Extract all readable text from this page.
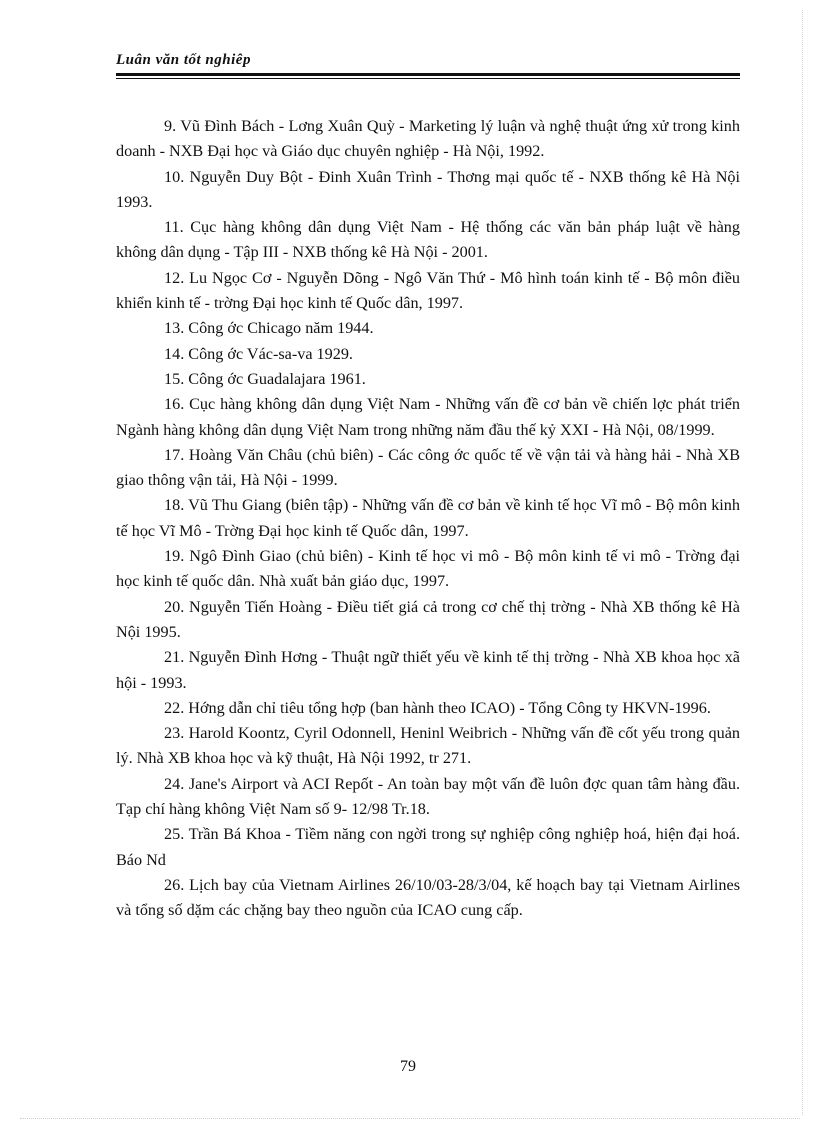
Luân văn tốt nghiêp
9. Vũ Đình Bách - Lơng Xuân Quỳ - Marketing lý luận và nghệ thuật ứng xử trong kinh doanh - NXB Đại học và Giáo dục chuyên nghiệp - Hà Nội, 1992.
10. Nguyễn Duy Bột - Đinh Xuân Trình - Thơng mại quốc tế - NXB thống kê Hà Nội 1993.
11. Cục hàng không dân dụng Việt Nam - Hệ thống các văn bản pháp luật về hàng không dân dụng - Tập III - NXB thống kê Hà Nội - 2001.
12. Lu Ngọc Cơ - Nguyễn Dõng - Ngô Văn Thứ - Mô hình toán kinh tế - Bộ môn điều khiển kinh tế - trờng Đại học kinh tế Quốc dân, 1997.
13. Công ớc Chicago năm 1944.
14. Công ớc Vác-sa-va 1929.
15. Công ớc Guadalajara 1961.
16. Cục hàng không dân dụng Việt Nam - Những vấn đề cơ bản về chiến lợc phát triển Ngành hàng không dân dụng Việt Nam trong những năm đầu thế kỷ XXI - Hà Nội, 08/1999.
17. Hoàng Văn Châu (chủ biên) - Các công ớc quốc tế về vận tải và hàng hải - Nhà XB giao thông vận tải, Hà Nội - 1999.
18. Vũ Thu Giang (biên tập) - Những vấn đề cơ bản về kinh tế học Vĩ mô - Bộ môn kinh tế học Vĩ Mô - Trờng Đại học kinh tế Quốc dân, 1997.
19. Ngô Đình Giao (chủ biên) - Kinh tế học vi mô - Bộ môn kinh tế vi mô - Trờng đại học kinh tế quốc dân. Nhà xuất bản giáo dục, 1997.
20. Nguyễn Tiến Hoàng - Điều tiết giá cả trong cơ chế thị trờng - Nhà XB thống kê Hà Nội 1995.
21. Nguyễn Đình Hơng - Thuật ngữ thiết yếu về kinh tế thị trờng - Nhà XB khoa học xã hội - 1993.
22. Hớng dẫn chỉ tiêu tổng hợp (ban hành theo ICAO) - Tổng Công ty HKVN-1996.
23. Harold Koontz, Cyril Odonnell, Heninl Weibrich - Những vấn đề cốt yếu trong quản lý. Nhà XB khoa học và kỹ thuật, Hà Nội 1992, tr 271.
24. Jane's Airport và ACI Repốt - An toàn bay một vấn đề luôn đợc quan tâm hàng đầu. Tạp chí hàng không Việt Nam số 9- 12/98 Tr.18.
25. Trần Bá Khoa - Tiềm năng con ngời trong sự nghiệp công nghiệp hoá, hiện đại hoá. Báo Nd
26. Lịch bay của Vietnam Airlines 26/10/03-28/3/04, kế hoạch bay tại Vietnam Airlines và tổng số dặm các chặng bay theo nguồn của ICAO cung cấp.
79
